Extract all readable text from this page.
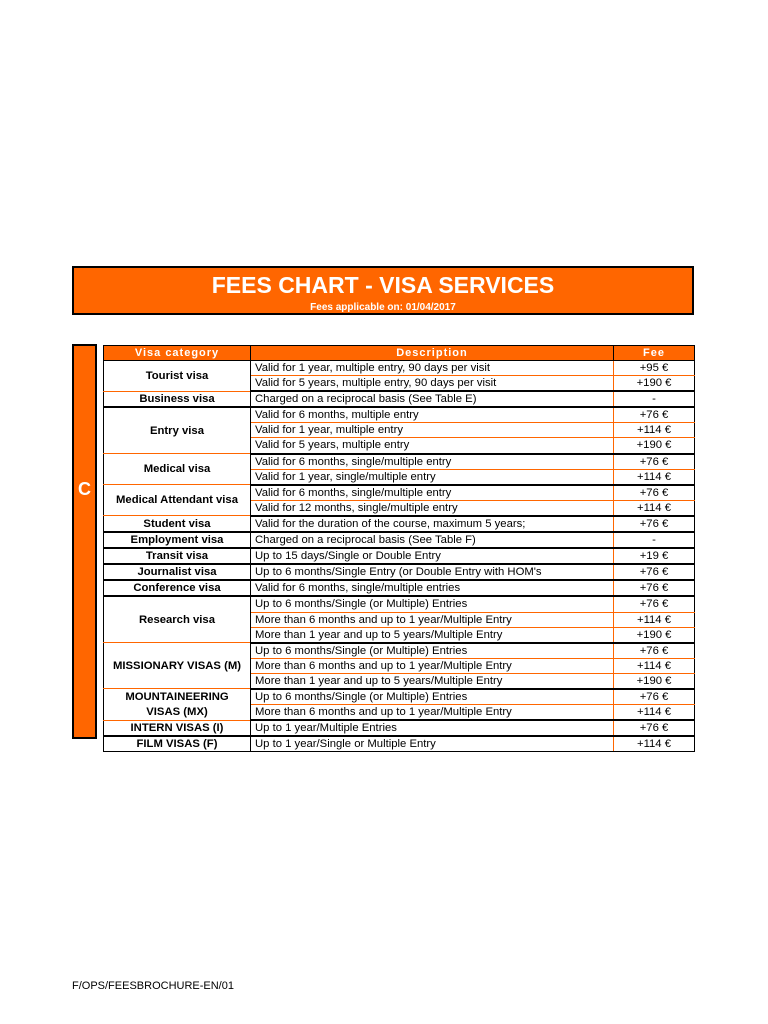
FEES CHART - VISA SERVICES
Fees applicable on: 01/04/2017
C
Visa category	Description	Fee
Tourist visa	Valid for 1 year, multiple entry, 90 days per visit	+95 €
	Valid for 5 years, multiple entry, 90 days per visit	+190 €
Business visa	Charged on a reciprocal basis (See Table E)	-
Entry visa	Valid for 6 months, multiple entry	+76 €
	Valid for 1 year, multiple entry	+114 €
	Valid for 5 years, multiple entry	+190 €
Medical visa	Valid for 6 months, single/multiple entry	+76 €
	Valid for 1 year, single/multiple entry	+114 €
Medical Attendant visa	Valid for 6 months, single/multiple entry	+76 €
	Valid for 12 months, single/multiple entry	+114 €
Student visa	Valid for the duration of the course, maximum 5 years;	+76 €
Employment visa	Charged on a reciprocal basis (See Table F)	-
Transit visa	Up to 15 days/Single or Double Entry	+19 €
Journalist visa	Up to 6 months/Single Entry (or Double Entry with HOM's	+76 €
Conference visa	Valid for 6 months, single/multiple entries	+76 €
Research visa	Up to 6 months/Single (or Multiple) Entries	+76 €
	More than 6 months and up to 1 year/Multiple Entry	+114 €
	More than 1 year and up to 5 years/Multiple Entry	+190 €
MISSIONARY VISAS (M)	Up to 6 months/Single (or Multiple) Entries	+76 €
	More than 6 months and up to 1 year/Multiple Entry	+114 €
	More than 1 year and up to 5 years/Multiple Entry	+190 €
MOUNTAINEERING VISAS (MX)	Up to 6 months/Single (or Multiple) Entries	+76 €
	More than 6 months and up to 1 year/Multiple Entry	+114 €
INTERN VISAS (I)	Up to 1 year/Multiple Entries	+76 €
FILM VISAS (F)	Up to 1 year/Single or Multiple Entry	+114 €
F/OPS/FEESBROCHURE-EN/01
